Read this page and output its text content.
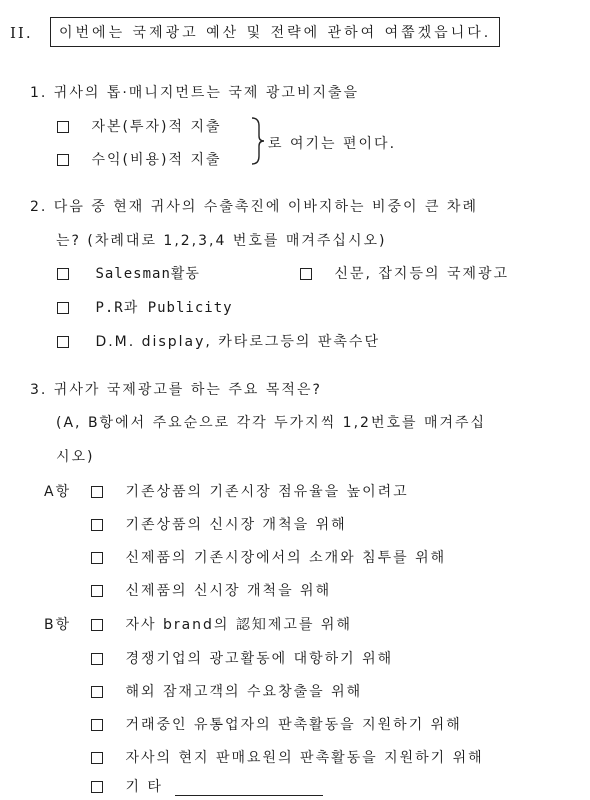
II.	이번에는 국제광고 예산 및 전략에 관하여 여쭙겠읍니다.
1. 귀사의 톱·매니지먼트는 국제 광고비지출을
자본(투자)적 지출
수익(비용)적 지출
로 여기는 편이다.
2. 다음 중 현재 귀사의 수출촉진에 이바지하는 비중이 큰 차례
는? (차례대로 1,2,3,4 번호를 매겨주십시오)
Salesman활동	신문, 잡지등의 국제광고
P.R과 Publicity
D.M. display, 카타로그등의 판촉수단
3. 귀사가 국제광고를 하는 주요 목적은?
(A, B항에서 주요순으로 각각 두가지씩 1,2번호를 매겨주십
시오)
A항	기존상품의 기존시장 점유율을 높이려고
기존상품의 신시장 개척을 위해
신제품의 기존시장에서의 소개와 침투를 위해
신제품의 신시장 개척을 위해
B항	자사 brand의 認知제고를 위해
경쟁기업의 광고활동에 대항하기 위해
해외 잠재고객의 수요창출을 위해
거래중인 유통업자의 판촉활동을 지원하기 위해
자사의 현지 판매요원의 판촉활동을 지원하기 위해
기 타
